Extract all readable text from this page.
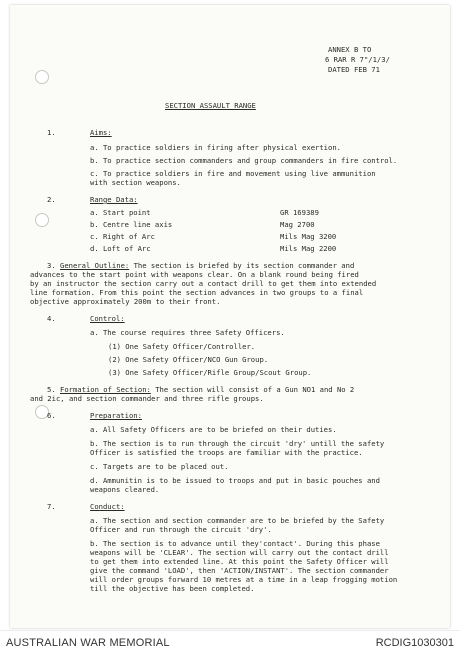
ANNEX B TO
6 RAR R 7"/1/3/
DATED FEB 71
SECTION ASSAULT RANGE
1.	Aims:
a. To practice soldiers in firing after physical exertion.
b. To practice section commanders and group commanders in fire control.
c. To practice soldiers in fire and movement using live ammunition
with section weapons.
2.	Range Data:
a. Start point	GR 169389
b. Centre line axis	Mag 2700
c. Right of Arc	Mils Mag 3200
d. Loft of Arc	Mils Mag 2200
3. General Outline: The section is briefed by its section commander and
advances to the start point with weapons clear. On a blank round being fired
by an instructor the section carry out a contact drill to get them into extended
line formation. From this point the section advances in two groups to a final
objective approximately 200m to their front.
4.	Control:
a. The course requires three Safety Officers.
(1) One Safety Officer/Controller.
(2) One Safety Officer/NCO Gun Group.
(3) One Safety Officer/Rifle Group/Scout Group.
5. Formation of Section: The section will consist of a Gun NO1 and No 2
and 2ic, and section commander and three rifle groups.
6.	Preparation:
a. All Safety Officers are to be briefed on their duties.
b. The section is to run through the circuit 'dry' untill the safety
Officer is satisfied the troops are familiar with the practice.
c. Targets are to be placed out.
d. Ammunitin is to be issued to troops and put in basic pouches and
weapons cleared.
7.	Conduct:
a. The section and section commander are to be briefed by the Safety
Officer and run through the circuit 'dry'.
b. The section is to advance until they'contact'. During this phase
weapons will be 'CLEAR'. The section will carry out the contact drill
to get them into extended line. At this point the Safety Officer will
give the command 'LOAD', then 'ACTION/INSTANT'. The section commander
will order groups forward 10 metres at a time in a leap frogging motion
till the objective has been completed.
AUSTRALIAN WAR MEMORIAL	RCDIG1030301
